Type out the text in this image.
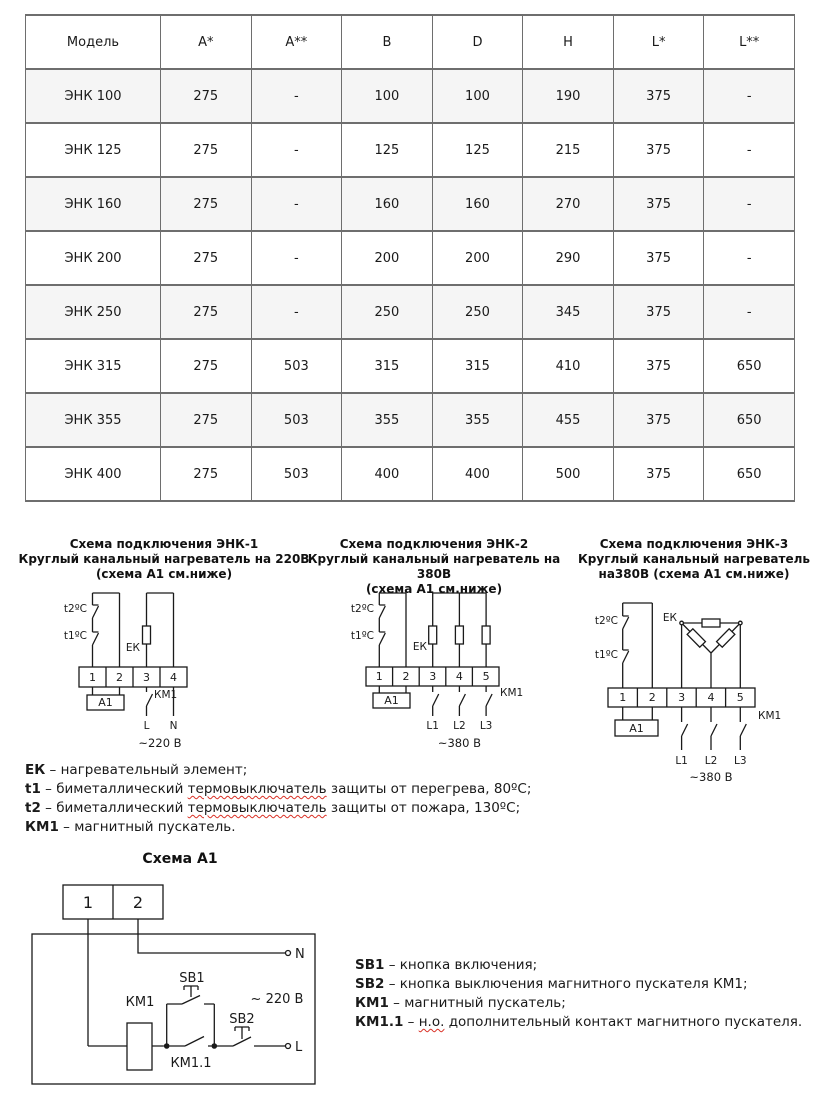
Модель	A*	A**	B	D	H	L*	L**
ЭНК 100	275	-	100	100	190	375	-
ЭНК 125	275	-	125	125	215	375	-
ЭНК 160	275	-	160	160	270	375	-
ЭНК 200	275	-	200	200	290	375	-
ЭНК 250	275	-	250	250	345	375	-
ЭНК 315	275	503	315	315	410	375	650
ЭНК 355	275	503	355	355	455	375	650
ЭНК 400	275	503	400	400	500	375	650
Схема подключения ЭНК-1
Круглый канальный нагреватель на 220В
(схема А1 см.ниже)
Схема подключения ЭНК-2
Круглый канальный нагреватель на 380В
(схема А1 см.ниже)
Схема подключения ЭНК-3
Круглый канальный нагреватель
на380В (схема А1 см.ниже)
t2ºC
t1ºC
ЕК
1 2 3 4
А1
КМ1
L N
~220 В
t2ºC
t1ºC
ЕК
1 2 3 4 5
А1
КМ1
L1 L2 L3
~380 В
t2ºC
t1ºC
ЕК
1 2 3 4 5
А1
КМ1
L1 L2 L3
~380 В
ЕК – нагревательный элемент;
t1 – биметаллический термовыключатель защиты от перегрева, 80ºС;
t2 – биметаллический термовыключатель защиты от пожара, 130ºС;
КМ1 – магнитный пускатель.
Схема А1
1 2
N
L
КМ1
SB1
SB2
КМ1.1
~ 220 В
SB1 – кнопка включения;
SB2 – кнопка выключения магнитного пускателя КМ1;
КМ1 – магнитный пускатель;
КМ1.1 – н.о. дополнительный контакт магнитного пускателя.
